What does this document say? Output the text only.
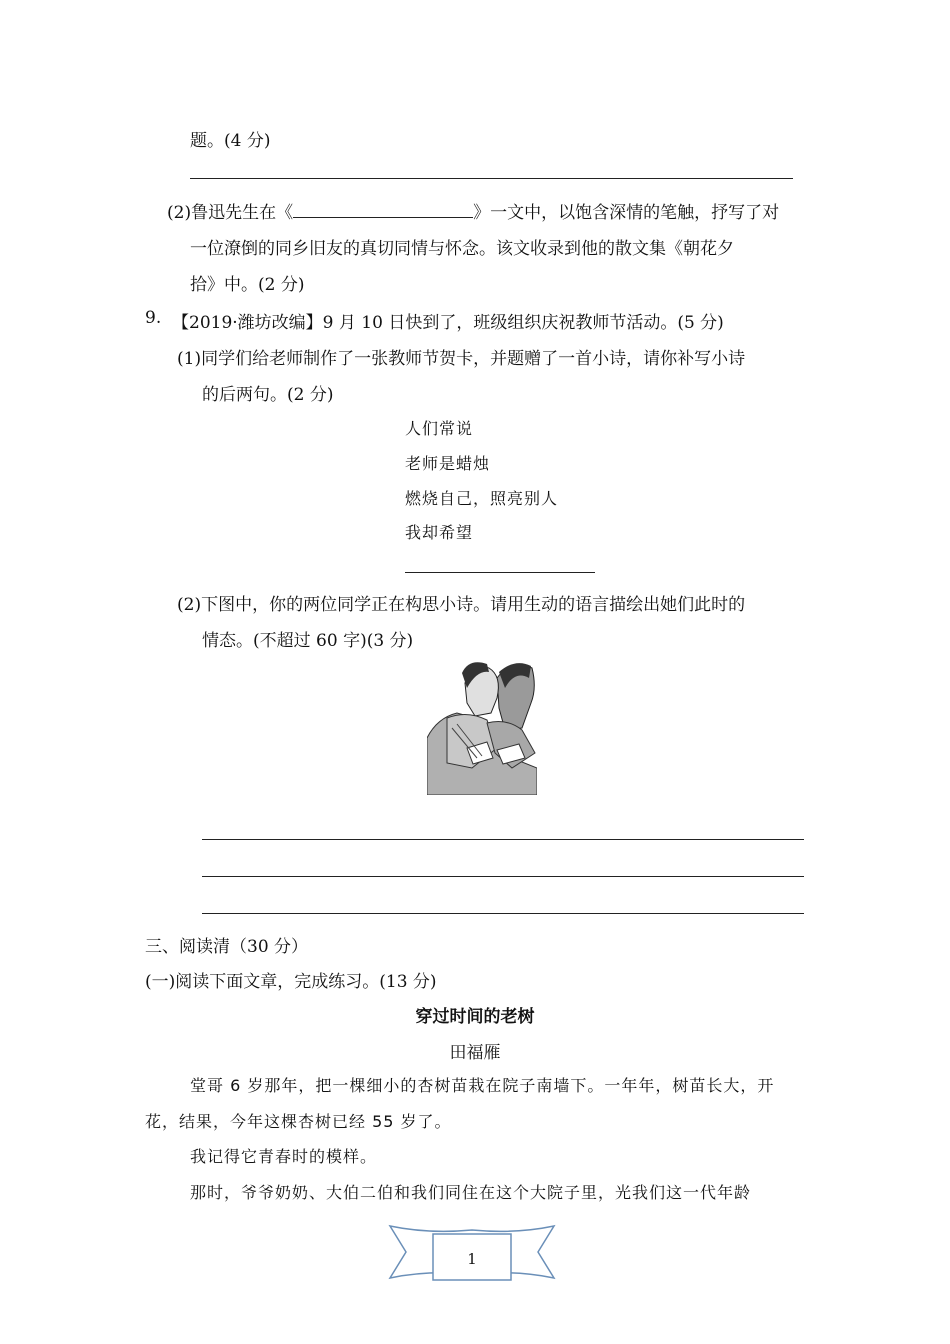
题。(4 分)
(2)鲁迅先生在《	》一文中，以饱含深情的笔触，抒写了对
一位潦倒的同乡旧友的真切同情与怀念。该文收录到他的散文集《朝花夕
拾》中。(2 分)
9. 【2019·潍坊改编】9 月 10 日快到了，班级组织庆祝教师节活动。(5 分)
(1)同学们给老师制作了一张教师节贺卡，并题赠了一首小诗，请你补写小诗
的后两句。(2 分)
人们常说
老师是蜡烛
燃烧自己，照亮别人
我却希望
(2)下图中，你的两位同学正在构思小诗。请用生动的语言描绘出她们此时的
情态。(不超过 60 字)(3 分)
三、阅读清（30 分）
(一)阅读下面文章，完成练习。(13 分)
穿过时间的老树
田福雁
堂哥 6 岁那年，把一棵细小的杏树苗栽在院子南墙下。一年年，树苗长大，开
花，结果，今年这棵杏树已经 55 岁了。
我记得它青春时的模样。
那时，爷爷奶奶、大伯二伯和我们同住在这个大院子里，光我们这一代年龄
1
